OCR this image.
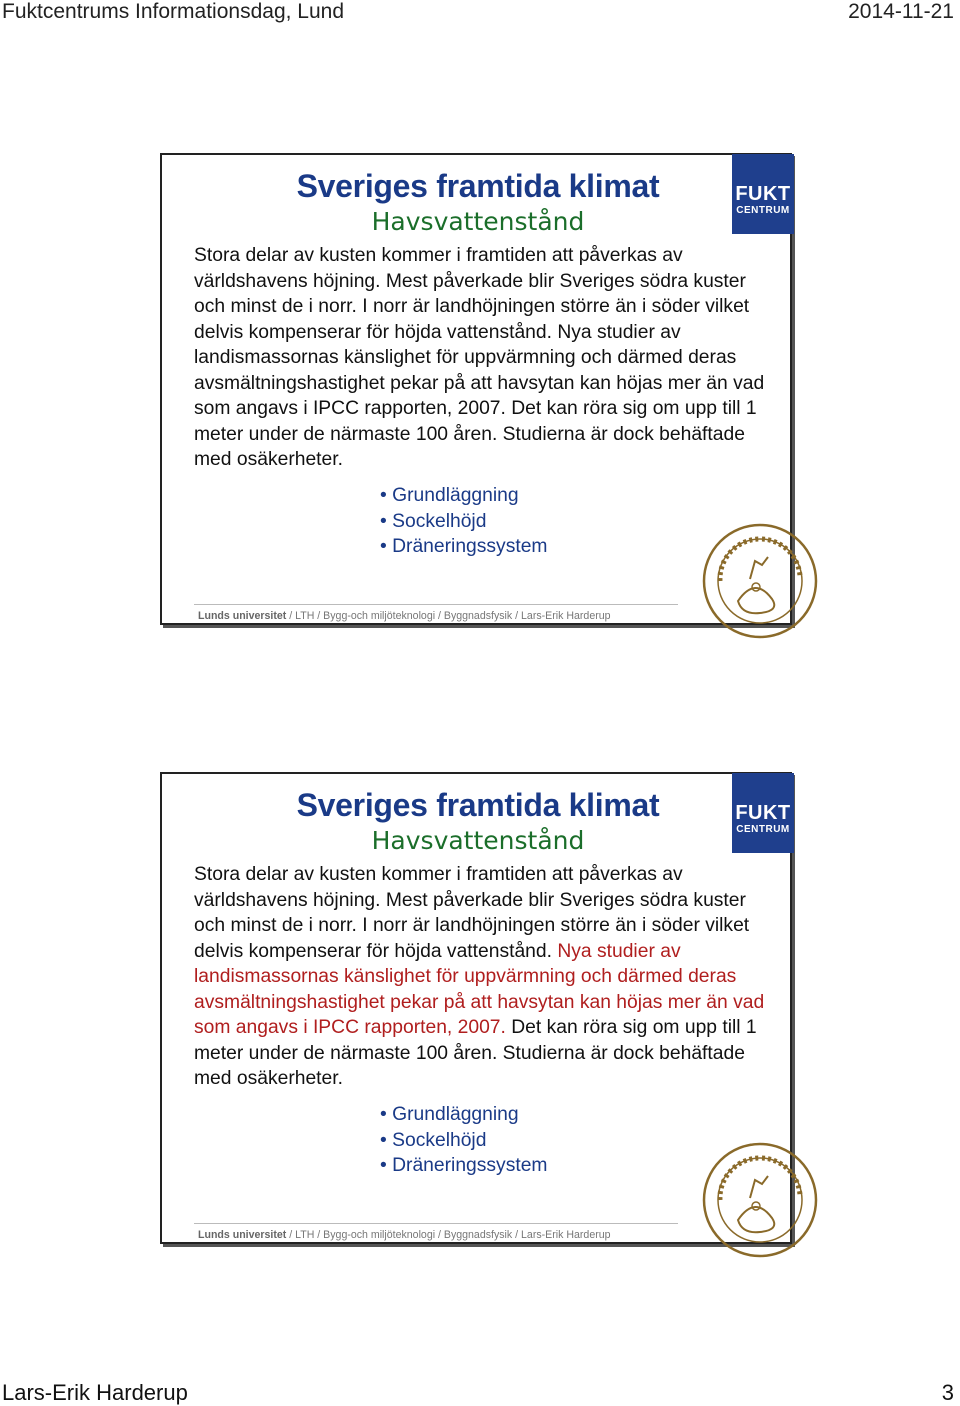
Fuktcentrums Informationsdag, Lund	2014-11-21
Sveriges framtida klimat
Havsvattenstånd
FUKT
CENTRUM
Stora delar av kusten kommer i framtiden att påverkas av världshavens höjning. Mest påverkade blir Sveriges södra kuster och minst de i norr. I norr är landhöjningen större än i söder vilket delvis kompenserar för höjda vattenstånd. Nya studier av landismassornas känslighet för uppvärmning och därmed deras avsmältningshastighet pekar på att havsytan kan höjas mer än vad som angavs i IPCC rapporten, 2007. Det kan röra sig om upp till 1 meter under de närmaste 100 åren. Studierna är dock behäftade med osäkerheter.
• Grundläggning
• Sockelhöjd
• Dräneringssystem
Lunds universitet / LTH / Bygg-och miljöteknologi / Byggnadsfysik / Lars-Erik Harderup
Sveriges framtida klimat
Havsvattenstånd
FUKT
CENTRUM
Stora delar av kusten kommer i framtiden att påverkas av världshavens höjning. Mest påverkade blir Sveriges södra kuster och minst de i norr. I norr är landhöjningen större än i söder vilket delvis kompenserar för höjda vattenstånd. Nya studier av landismassornas känslighet för uppvärmning och därmed deras avsmältningshastighet pekar på att havsytan kan höjas mer än vad som angavs i IPCC rapporten, 2007. Det kan röra sig om upp till 1 meter under de närmaste 100 åren. Studierna är dock behäftade med osäkerheter.
• Grundläggning
• Sockelhöjd
• Dräneringssystem
Lunds universitet / LTH / Bygg-och miljöteknologi / Byggnadsfysik / Lars-Erik Harderup
Lars-Erik Harderup	3
